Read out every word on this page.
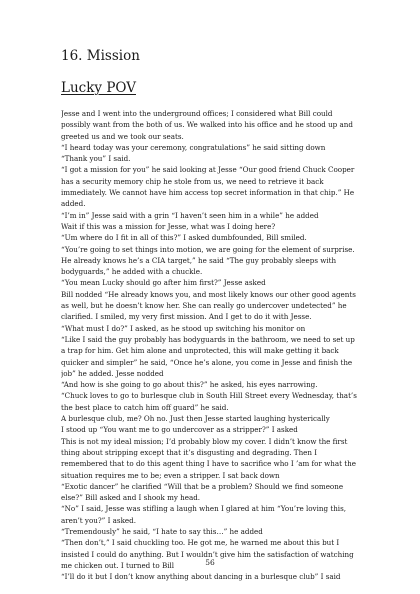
16. Mission
Lucky POV
Jesse and I went into the underground offices; I considered what Bill could
possibly want from the both of us. We walked into his office and he stood up and
greeted us and we took our seats.
“I heard today was your ceremony, congratulations” he said sitting down
“Thank you” I said.
“I got a mission for you” he said looking at Jesse “Our good friend Chuck Cooper
has a security memory chip he stole from us, we need to retrieve it back
immediately. We cannot have him access top secret information in that chip.” He
added.
“I’m in” Jesse said with a grin “I haven’t seen him in a while” he added
Wait if this was a mission for Jesse, what was I doing here?
“Um where do I fit in all of this?” I asked dumbfounded, Bill smiled.
“You’re going to set things into motion, we are going for the element of surprise.
He already knows he’s a CIA target,” he said “The guy probably sleeps with
bodyguards,” he added with a chuckle.
“You mean Lucky should go after him first?” Jesse asked
Bill nodded “He already knows you, and most likely knows our other good agents
as well, but he doesn’t know her. She can really go undercover undetected” he
clarified. I smiled, my very first mission. And I get to do it with Jesse.
“What must I do?” I asked, as he stood up switching his monitor on
“Like I said the guy probably has bodyguards in the bathroom, we need to set up
a trap for him. Get him alone and unprotected, this will make getting it back
quicker and simpler” he said, “Once he’s alone, you come in Jesse and finish the
job” he added. Jesse nodded
“And how is she going to go about this?” he asked, his eyes narrowing.
“Chuck loves to go to burlesque club in South Hill Street every Wednesday, that’s
the best place to catch him off guard” he said.
A burlesque club, me? Oh no. Just then Jesse started laughing hysterically
I stood up “You want me to go undercover as a stripper?” I asked
This is not my ideal mission; I’d probably blow my cover. I didn’t know the first
thing about stripping except that it’s disgusting and degrading. Then I
remembered that to do this agent thing I have to sacrifice who I ’am for what the
situation requires me to be; even a stripper. I sat back down
“Exotic dancer” he clarified “Will that be a problem? Should we find someone
else?” Bill asked and I shook my head.
“No” I said, Jesse was stifling a laugh when I glared at him “You’re loving this,
aren’t you?” I asked.
“Tremendously” he said, “I hate to say this…” he added
“Then don’t,” I said chuckling too. He got me, he warned me about this but I
insisted I could do anything. But I wouldn’t give him the satisfaction of watching
me chicken out. I turned to Bill
“I’ll do it but I don’t know anything about dancing in a burlesque club” I said
56
